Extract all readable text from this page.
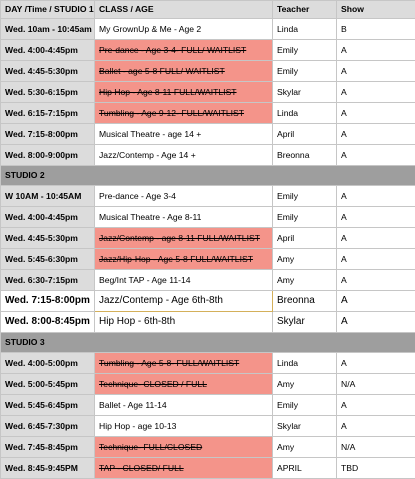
DAY /Time / STUDIO 1	CLASS / AGE	Teacher	Show
Wed. 10am - 10:45am	My GrownUp & Me - Age 2	Linda	B
Wed. 4:00-4:45pm	Pre-dance - Age 3-4- FULL/ WAITLIST	Emily	A
Wed. 4:45-5:30pm	Ballet - age 5-8 FULL/ WAITLIST	Emily	A
Wed. 5:30-6:15pm	Hip Hop - Age 8-11 FULL/WAITLIST	Skylar	A
Wed. 6:15-7:15pm	Tumbling - Age 9-12- FULL/WAITLIST	Linda	A
Wed. 7:15-8:00pm	Musical Theatre - age 14 +	April	A
Wed. 8:00-9:00pm	Jazz/Contemp - Age 14 +	Breonna	A
STUDIO 2			
W 10AM - 10:45AM	Pre-dance - Age 3-4	Emily	A
Wed. 4:00-4:45pm	Musical Theatre - Age 8-11	Emily	A
Wed. 4:45-5:30pm	Jazz/Contemp - age 8-11 FULL/WAITLIST	April	A
Wed. 5:45-6:30pm	Jazz/Hip-Hop - Age 5-8 FULL/WAITLIST	Amy	A
Wed. 6:30-7:15pm	Beg/Int TAP - Age 11-14	Amy	A
Wed. 7:15-8:00pm	Jazz/Contemp - Age 6th-8th	Breonna	A
Wed. 8:00-8:45pm	Hip Hop - 6th-8th	Skylar	A
STUDIO 3			
Wed. 4:00-5:00pm	Tumbling - Age 5-8- FULL/WAITLIST	Linda	A
Wed. 5:00-5:45pm	Technique- CLOSED / FULL	Amy	N/A
Wed. 5:45-6:45pm	Ballet - Age 11-14	Emily	A
Wed. 6:45-7:30pm	Hip Hop - age 10-13	Skylar	A
Wed. 7:45-8:45pm	Technique- FULL/CLOSED	Amy	N/A
Wed. 8:45-9:45PM	TAP - CLOSED/ FULL	APRIL	TBD
